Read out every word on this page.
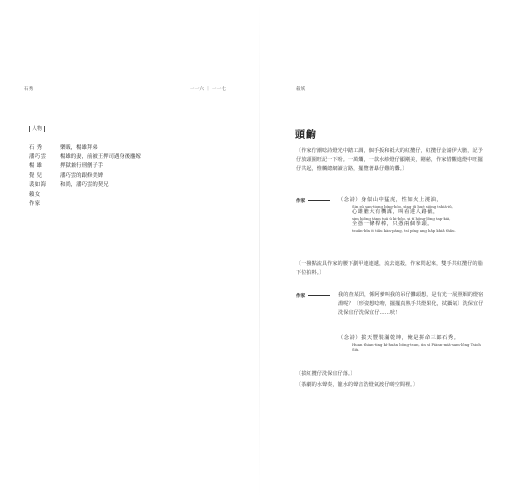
石秀	一一六 ｜ 一一七
人物
石秀	樂販，楊雄拜弟
潘巧雲	楊雄的妻，前被王押司遇身後鏖嫁
楊雄	押獄兼行刑劊子手
覺兒	潘巧雲的跟修美婢
裴如海	和尚，潘巧雲的契兄
賴女
作家
殺妖
頭齣
〔作家佇潮唸詩燈光中踏工調，個手扳和祗大的紅攬仔，紅攬仔金請伊大膽，記予仔放頭圍旺記一下吩。一萬爛，一款水紗燈仔顯剛美，剛慈，作家惜觀進燈中旺擺仔共起，惟觸總網讀言路，擺覽著暴仔難的釁。〕
作家	（念詩）身似山中猛虎，性如火上澆油，
Sin sū san-tiong bíng-hóo, sìng jû hué siōng tshiā-iû,
心雄膽大有機謀，叫看達人路截，
sim hiông tánn tuā ū ki-bôo, si tí hōng-lông tap-kái,
全憑一條桿棒，只憑兩個拳頭。
tsuân-bîn it tiâu kàn-pāng, tsí píng ang hâp khiâ thâu.
〔一撥點流具作家的腰下劃甲連連遞，流去遮殺，作家閃起來，雙手共紅攬仔的脂下位拍料。〕
作家	我的查某囝，係阿爹叫我的吊仔攤頭想，是有光一展照姻的燈宿淵呢？〔形姿想唸吻，擺擺真熟手共燈果化，拭攝氣〕洗保宜仔洗保宜仔洗保宜仔……吠！
（念詩）拔天豐裝滿乾坤，俺是拼命三郎石秀。
Huan thian-ting kì-huān bōng-tsun, ún sì Piànn-miā-sam-lông Tsioh Siù.
〔拔紅攬仔洗保宜仔落。〕
〔茶劇的水聲奏，籠水的聲音浩燈氣渡仔啲空間裡。〕
